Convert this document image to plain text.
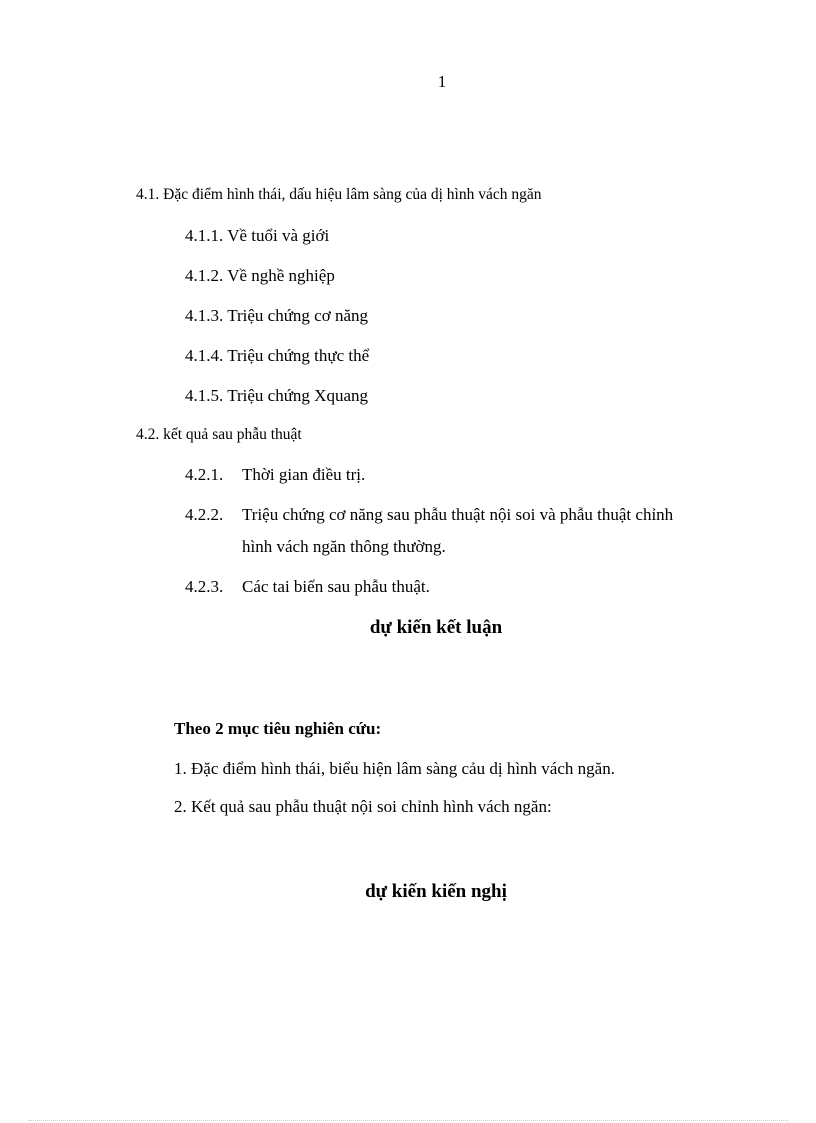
1
4.1. Đặc điểm hình thái, dấu hiệu lâm sàng của dị hình vách ngăn
4.1.1. Về tuổi và giới
4.1.2. Về nghề nghiệp
4.1.3. Triệu chứng cơ năng
4.1.4. Triệu chứng thực thể
4.1.5. Triệu chứng Xquang
4.2. kết quả sau phẫu thuật
4.2.1. Thời gian điều trị.
4.2.2. Triệu chứng cơ năng sau phẫu thuật nội soi và phẫu thuật chỉnh
hình vách ngăn thông thường.
4.2.3. Các tai biến sau phẫu thuật.
dự kiến kết luận
Theo 2 mục tiêu nghiên cứu:
1. Đặc điểm hình thái, biểu hiện lâm sàng cảu dị hình vách ngăn.
2. Kết quả sau phẫu thuật nội soi chỉnh hình vách ngăn:
dự kiến kiến nghị
